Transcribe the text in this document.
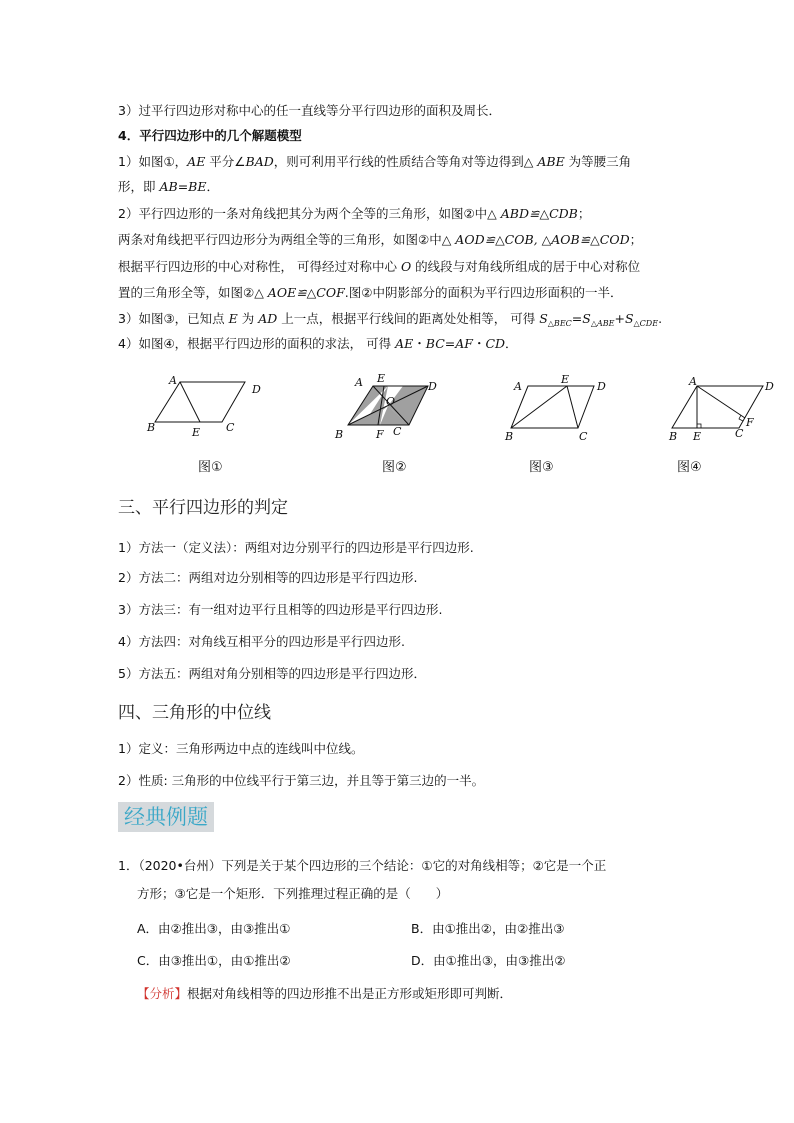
3）过平行四边形对称中心的任一直线等分平行四边形的面积及周长．
4．平行四边形中的几个解题模型
1）如图①，AE 平分∠BAD，则可利用平行线的性质结合等角对等边得到△ ABE 为等腰三角
形，即 AB=BE．
2）平行四边形的一条对角线把其分为两个全等的三角形，如图②中△ ABD≌△CDB；
两条对角线把平行四边形分为两组全等的三角形，如图②中△ AOD≌△COB, △AOB≌△COD；
根据平行四边形的中心对称性， 可得经过对称中心 O 的线段与对角线所组成的居于中心对称位
置的三角形全等，如图②△ AOE≌△COF.图②中阴影部分的面积为平行四边形面积的一半．
3）如图③，已知点 E 为 AD 上一点，根据平行线间的距离处处相等， 可得 $S_{\triangle BEC}=S_{\triangle ABE}+S_{\triangle CDE}$.
4）如图④，根据平行四边形的面积的求法， 可得 AE・BC=AF・CD．
A
D
B	E C
图①
A E
D
O
B	F C
图②
A
E
D
B	C
图③
A	D
F
B E	C
图④
三、平行四边形的判定
1）方法一（定义法）：两组对边分别平行的四边形是平行四边形.
2）方法二：两组对边分别相等的四边形是平行四边形.
3）方法三：有一组对边平行且相等的四边形是平行四边形.
4）方法四：对角线互相平分的四边形是平行四边形.
5）方法五：两组对角分别相等的四边形是平行四边形．
四、三角形的中位线
1）定义：三角形两边中点的连线叫中位线。
2）性质: 三角形的中位线平行于第三边，并且等于第三边的一半。
经典例题
1．（2020•台州）下列是关于某个四边形的三个结论：①它的对角线相等；②它是一个正
方形；③它是一个矩形．下列推理过程正确的是（　　）
A．由②推出③，由③推出①	B．由①推出②，由②推出③
C．由③推出①，由①推出②	D．由①推出③，由③推出②
【分析】根据对角线相等的四边形推不出是正方形或矩形即可判断．
